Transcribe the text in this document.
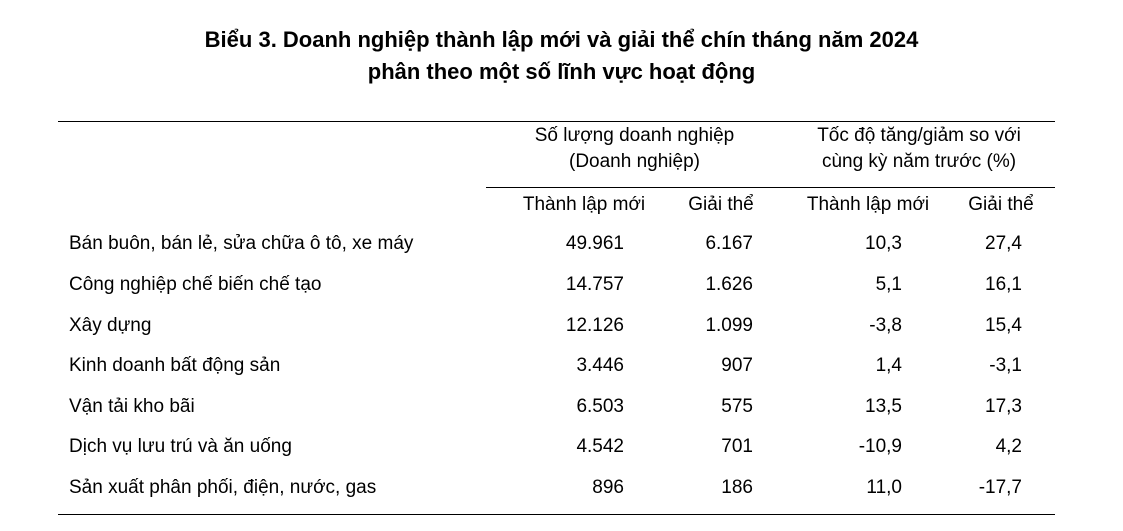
Biểu 3. Doanh nghiệp thành lập mới và giải thể chín tháng năm 2024
phân theo một số lĩnh vực hoạt động
Số lượng doanh nghiệp
(Doanh nghiệp)
Tốc độ tăng/giảm so với
cùng kỳ năm trước (%)
Thành lập mới	Giải thể	Thành lập mới	Giải thể
Bán buôn, bán lẻ, sửa chữa ô tô, xe máy	49.961	6.167	10,3	27,4
Công nghiệp chế biến chế tạo	14.757	1.626	5,1	16,1
Xây dựng	12.126	1.099	-3,8	15,4
Kinh doanh bất động sản	3.446	907	1,4	-3,1
Vận tải kho bãi	6.503	575	13,5	17,3
Dịch vụ lưu trú và ăn uống	4.542	701	-10,9	4,2
Sản xuất phân phối, điện, nước, gas	896	186	11,0	-17,7
